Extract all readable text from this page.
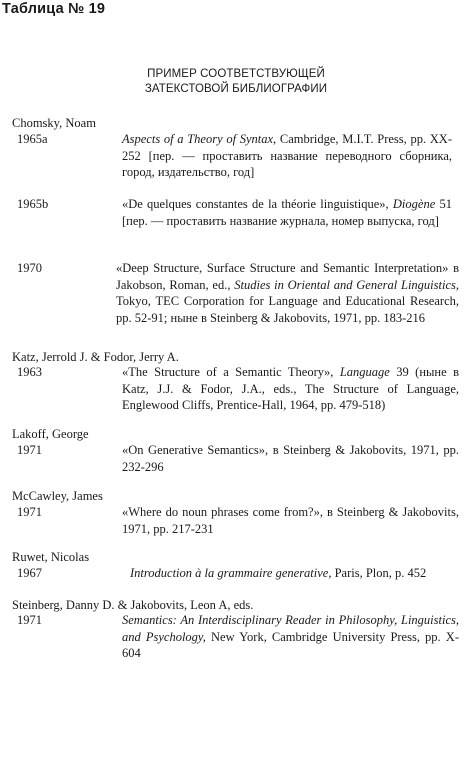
Таблица № 19
ПРИМЕР СООТВЕТСТВУЮЩЕЙ
ЗАТЕКСТОВОЙ БИБЛИОГРАФИИ
Chomsky, Noam
1965a	Aspects of a Theory of Syntax, Cambridge, M.I.T. Press, pp. XX-252 [пер. — проставить название переводного сборника, город, издательство, год]
1965b	«De quelques constantes de la théorie linguistique», Diogène 51 [пер. — проставить название журнала, номер выпуска, год]
1970	«Deep Structure, Surface Structure and Semantic Interpretation» в Jakobson, Roman, ed., Studies in Oriental and General Linguistics, Tokyo, TEC Corporation for Language and Educational Research, pp. 52-91; ныне в Steinberg & Jakobovits, 1971, pp. 183-216
Katz, Jerrold J. & Fodor, Jerry A.
1963	«The Structure of a Semantic Theory», Language 39 (ныне в Katz, J.J. & Fodor, J.A., eds., The Structure of Language, Englewood Cliffs, Prentice-Hall, 1964, pp. 479-518)
Lakoff, George
1971	«On Generative Semantics», в Steinberg & Jakobovits, 1971, pp. 232-296
McCawley, James
1971	«Where do noun phrases come from?», в Steinberg & Jakobovits, 1971, pp. 217-231
Ruwet, Nicolas
1967	Introduction à la grammaire generative, Paris, Plon, p. 452
Steinberg, Danny D. & Jakobovits, Leon A, eds.
1971	Semantics: An Interdisciplinary Reader in Philosophy, Linguistics, and Psychology, New York, Cambridge University Press, pp. X-604
